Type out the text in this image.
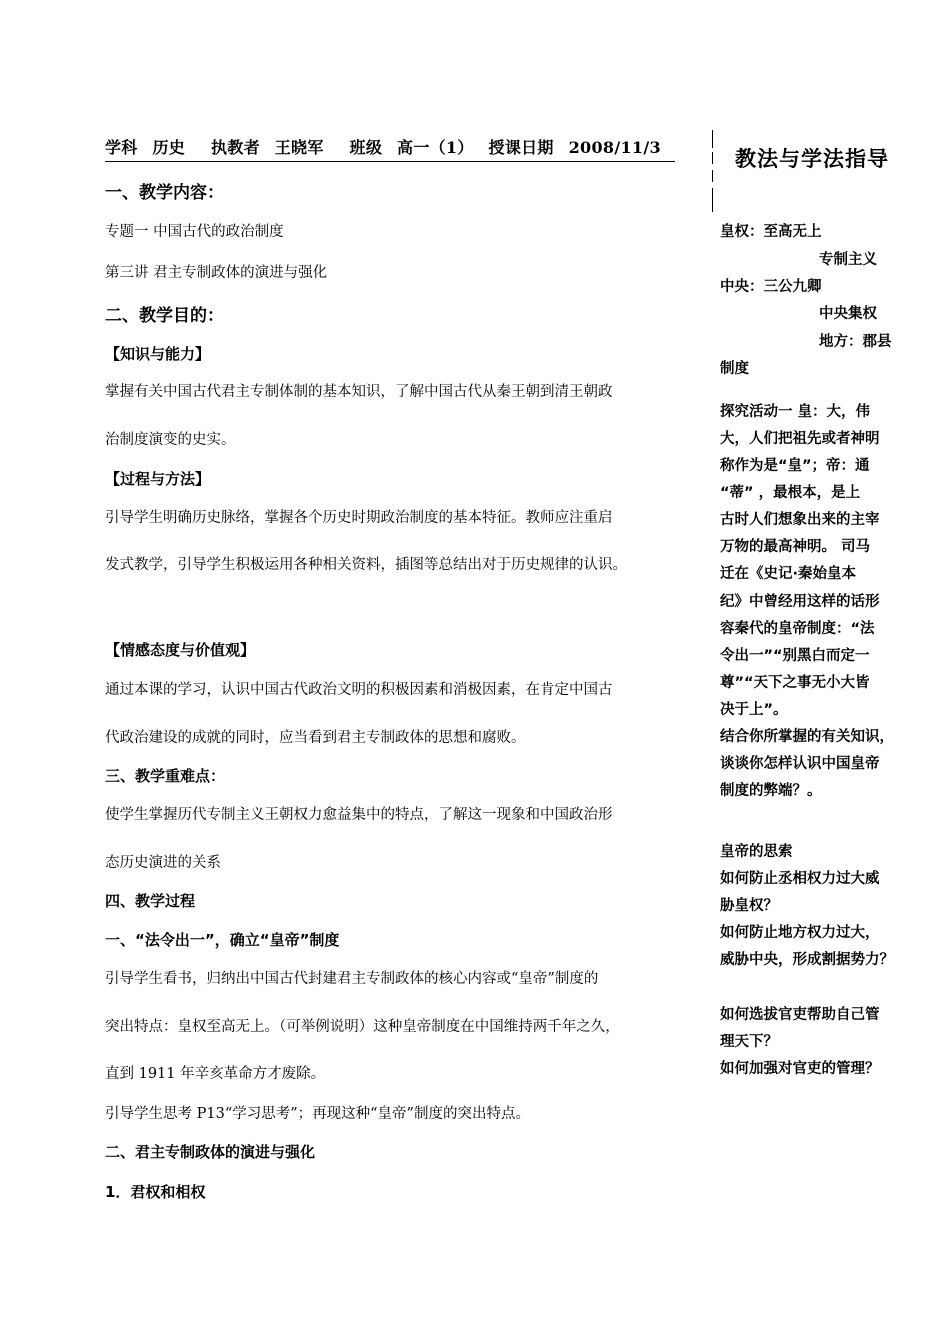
学科 历史 执教者 王晓军 班级 高一（1） 授课日期 2008/11/3
一、教学内容：
专题一 中国古代的政治制度
第三讲 君主专制政体的演进与强化
二、教学目的：
【知识与能力】
掌握有关中国古代君主专制体制的基本知识，了解中国古代从秦王朝到清王朝政
治制度演变的史实。
【过程与方法】
引导学生明确历史脉络，掌握各个历史时期政治制度的基本特征。教师应注重启
发式教学，引导学生积极运用各种相关资料，插图等总结出对于历史规律的认识。
【情感态度与价值观】
通过本课的学习，认识中国古代政治文明的积极因素和消极因素，在肯定中国古
代政治建设的成就的同时，应当看到君主专制政体的思想和腐败。
三、教学重难点：
使学生掌握历代专制主义王朝权力愈益集中的特点，了解这一现象和中国政治形
态历史演进的关系
四、教学过程
一、“法令出一”，确立“皇帝”制度
引导学生看书，归纳出中国古代封建君主专制政体的核心内容或“皇帝”制度的
突出特点：皇权至高无上。（可举例说明）这种皇帝制度在中国维持两千年之久，
直到 1911 年辛亥革命方才废除。
引导学生思考 P13“学习思考”；再现这种“皇帝”制度的突出特点。
二、君主专制政体的演进与强化
1．君权和相权
教法与学法指导
皇权：至高无上
专制主义
中央：三公九卿
中央集权
地方：郡县
制度
探究活动一 皇：大，伟
大，人们把祖先或者神明
称作为是“皇”；帝：通
“蒂” ，最根本，是上
古时人们想象出来的主宰
万物的最高神明。 司马
迁在《史记·秦始皇本
纪》中曾经用这样的话形
容秦代的皇帝制度：“法
令出一”“别黑白而定一
尊”“天下之事无小大皆
决于上”。
结合你所掌握的有关知识，
谈谈你怎样认识中国皇帝
制度的弊端？。
皇帝的思索
如何防止丞相权力过大威
胁皇权？
如何防止地方权力过大，
威胁中央，形成割据势力？
如何选拔官吏帮助自己管
理天下？
如何加强对官吏的管理？
